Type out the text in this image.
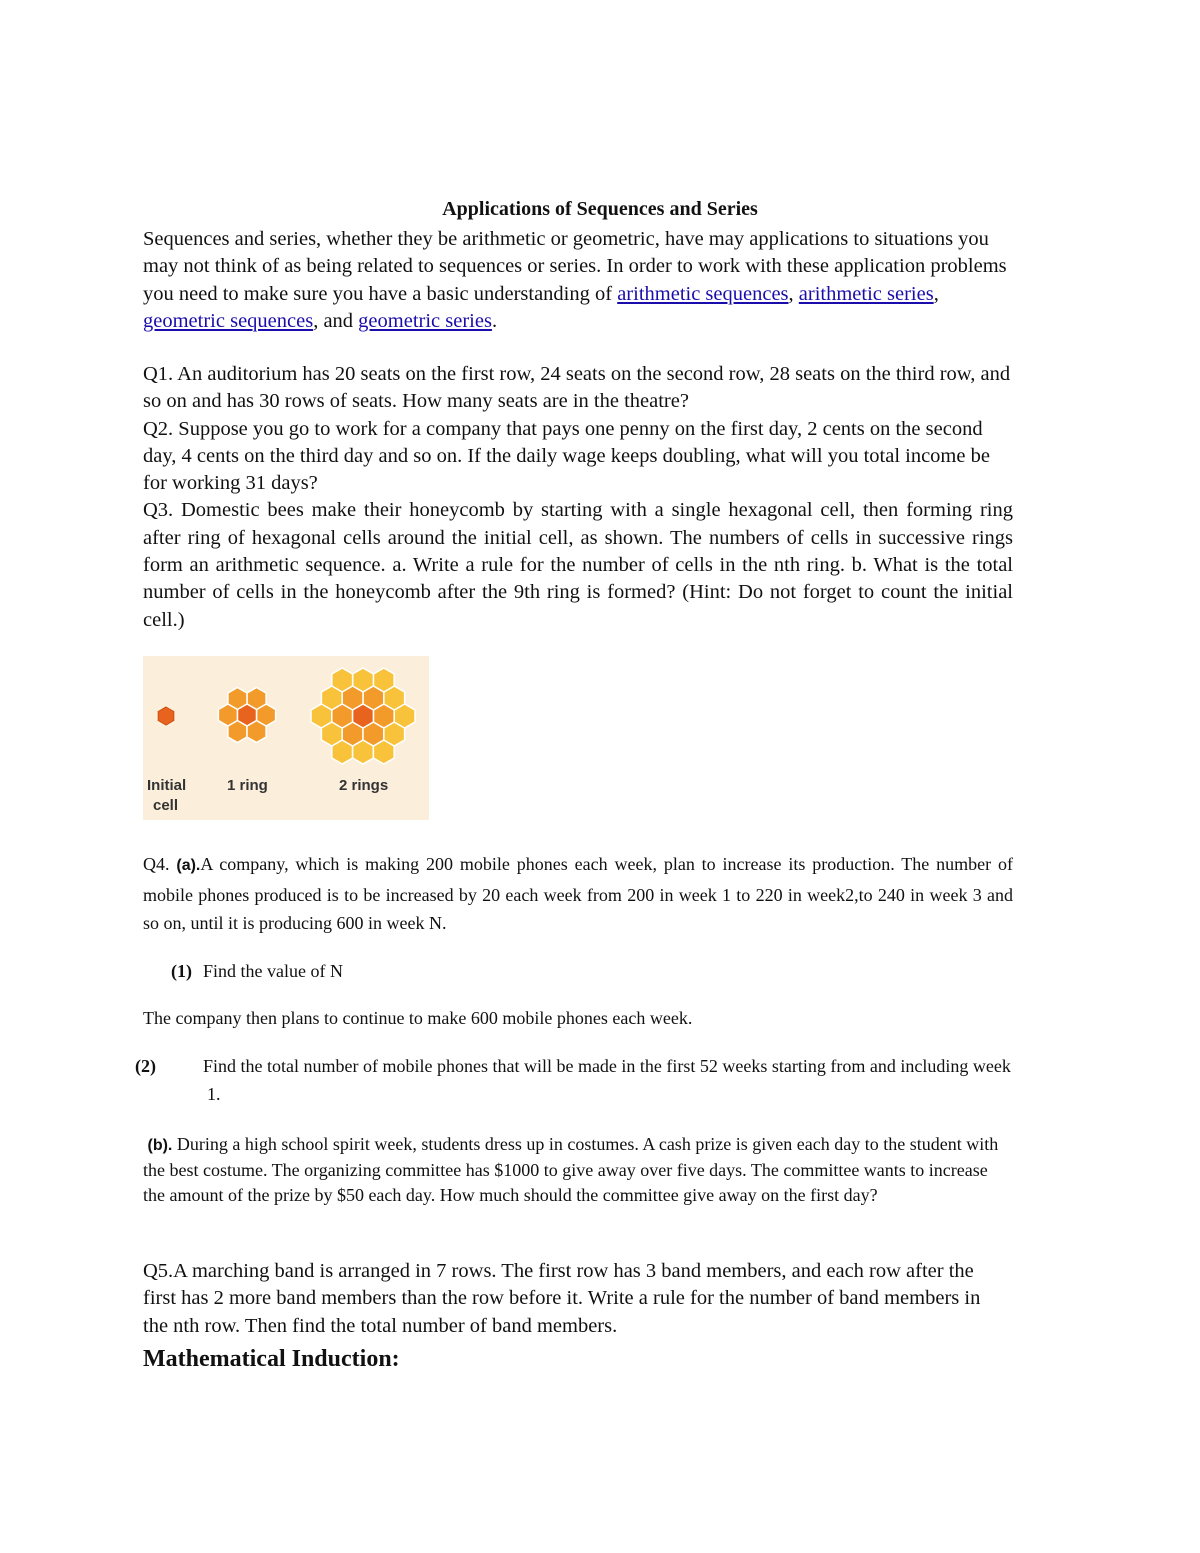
Applications of Sequences and Series

Sequences and series, whether they be arithmetic or geometric, have may applications to situations you may not think of as being related to sequences or series. In order to work with these application problems you need to make sure you have a basic understanding of arithmetic sequences, arithmetic series, geometric sequences, and geometric series.

Q1. An auditorium has 20 seats on the first row, 24 seats on the second row, 28 seats on the third row, and so on and has 30 rows of seats. How many seats are in the theatre?

Q2. Suppose you go to work for a company that pays one penny on the first day, 2 cents on the second day, 4 cents on the third day and so on. If the daily wage keeps doubling, what will you total income be for working 31 days?

Q3. Domestic bees make their honeycomb by starting with a single hexagonal cell, then forming ring after ring of hexagonal cells around the initial cell, as shown. The numbers of cells in successive rings form an arithmetic sequence. a. Write a rule for the number of cells in the nth ring. b. What is the total number of cells in the honeycomb after the 9th ring is formed? (Hint: Do not forget to count the initial cell.)

Initial
cell
1 ring	2 rings

Q4. (a).A company, which is making 200 mobile phones each week, plan to increase its production. The number of mobile phones produced is to be increased by 20 each week from 200 in week 1 to 220 in week2,to 240 in week 3 and so on, until it is producing 600 in week N.

(1) Find the value of N

The company then plans to continue to make 600 mobile phones each week.

(2)	Find the total number of mobile phones that will be made in the first 52 weeks starting from and including week 1.

(b). During a high school spirit week, students dress up in costumes. A cash prize is given each day to the student with the best costume. The organizing committee has $1000 to give away over five days. The committee wants to increase the amount of the prize by $50 each day. How much should the committee give away on the first day?

Q5.A marching band is arranged in 7 rows. The first row has 3 band members, and each row after the first has 2 more band members than the row before it. Write a rule for the number of band members in the nth row. Then find the total number of band members.

Mathematical Induction:
